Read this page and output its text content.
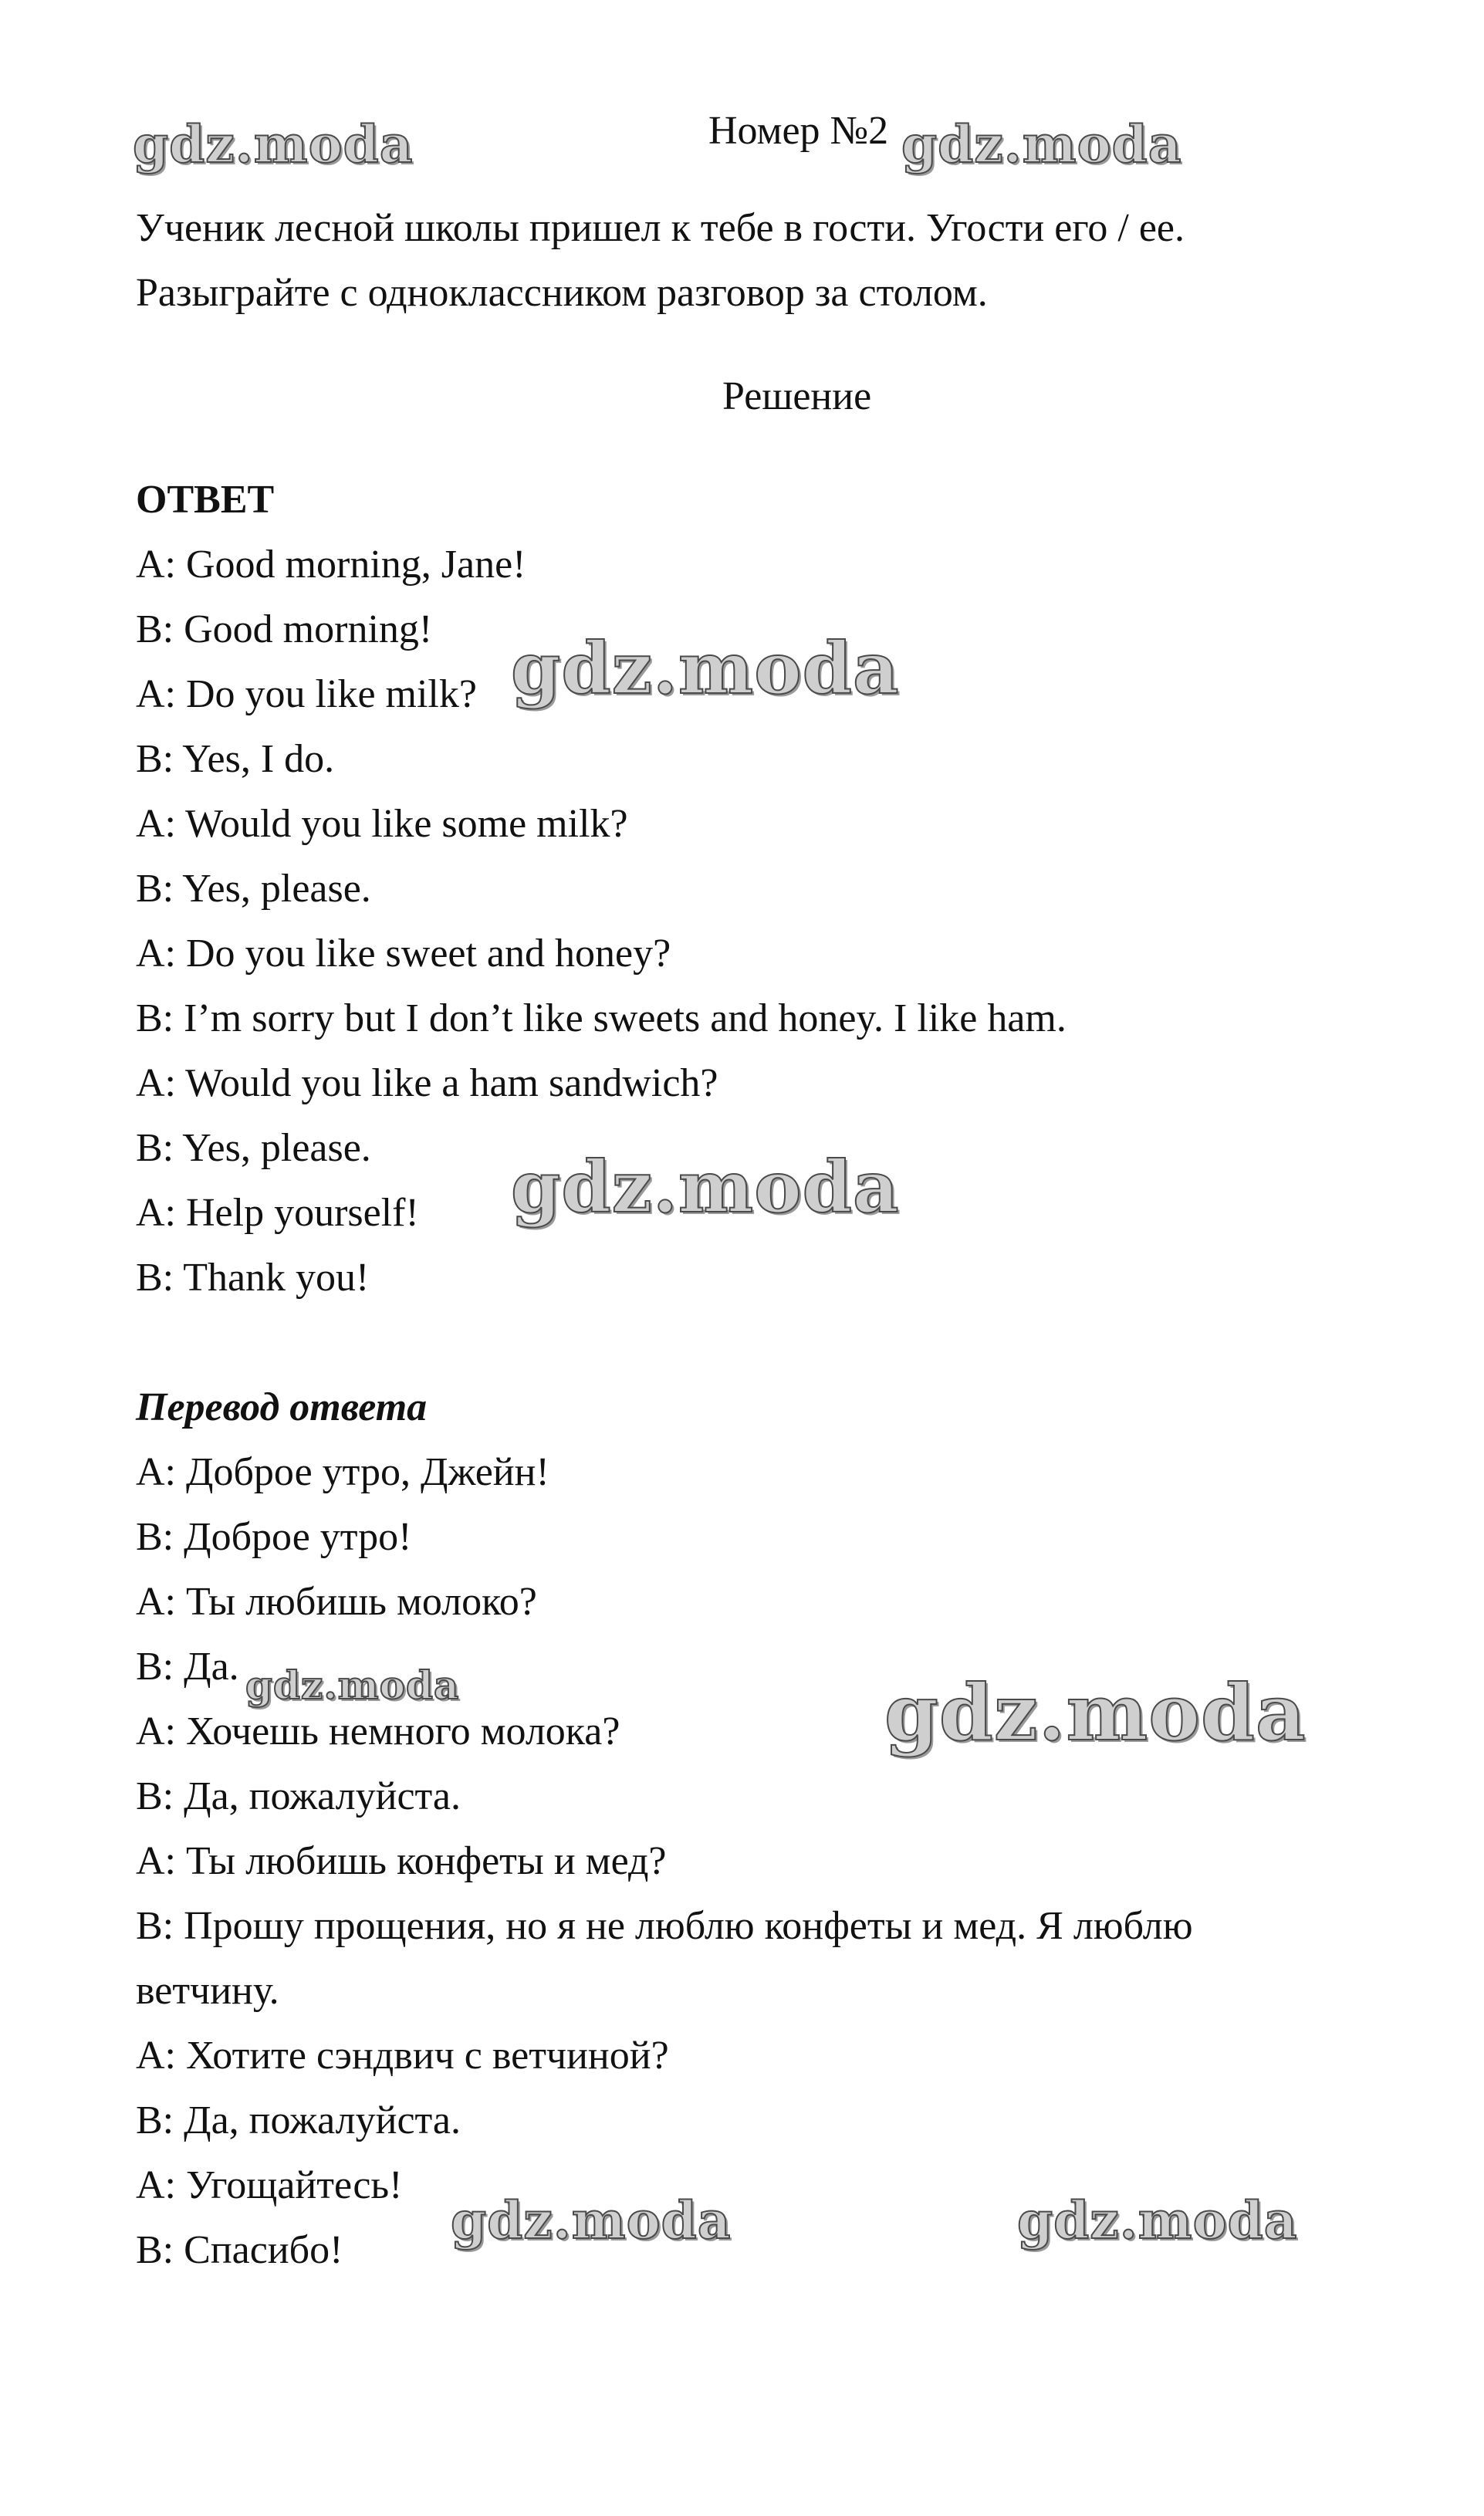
gdz.moda	Номер №2 gdz.moda
Ученик лесной школы пришел к тебе в гости. Угости его / ее.
Разыграйте с одноклассником разговор за столом.
Решение
ОТВЕТ
A: Good morning, Jane!
B: Good morning!
A: Do you like milk?
B: Yes, I do.
A: Would you like some milk?
B: Yes, please.
A: Do you like sweet and honey?
B: I’m sorry but I don’t like sweets and honey. I like ham.
A: Would you like a ham sandwich?
B: Yes, please.
A: Help yourself!
B: Thank you!
gdz.moda
gdz.moda
Перевод ответа
А: Доброе утро, Джейн!
В: Доброе утро!
А: Ты любишь молоко?
В: Да.
А: Хочешь немного молока?
В: Да, пожалуйста.
А: Ты любишь конфеты и мед?
В: Прошу прощения, но я не люблю конфеты и мед. Я люблю
ветчину.
А: Хотите сэндвич с ветчиной?
В: Да, пожалуйста.
А: Угощайтесь!
В: Спасибо!
gdz.moda	gdz.moda
gdz.moda	gdz.moda
